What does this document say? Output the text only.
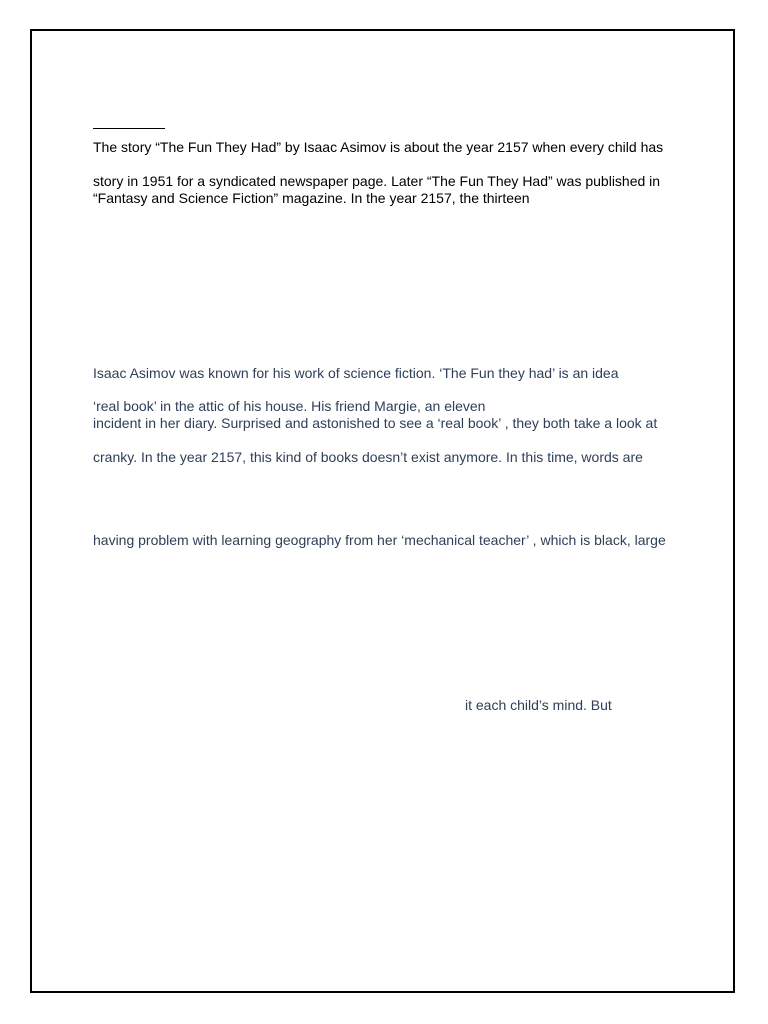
The story “The Fun They Had” by Isaac Asimov is about the year 2157 when every child has

story in 1951 for a syndicated newspaper page. Later “The Fun They Had” was published in

“Fantasy and Science Fiction” magazine. In the year 2157, the thirteen

Isaac Asimov was known for his work of science fiction. ‘The Fun they had’ is an idea

‘real book’ in the attic of his house. His friend Margie, an eleven

incident in her diary. Surprised and astonished to see a ‘real book’ , they both take a look at

cranky. In the year 2157, this kind of books doesn’t exist anymore. In this time, words are

having problem with learning geography from her ‘mechanical teacher’ , which is black, large

it each child’s mind. But
